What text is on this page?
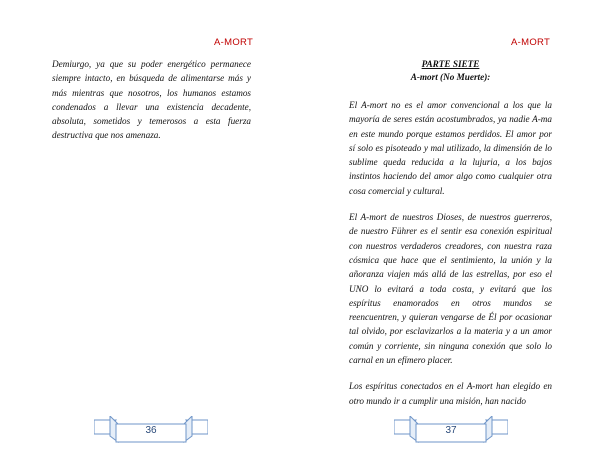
A-MORT

Demiurgo, ya que su poder energético permanece siempre intacto, en búsqueda de alimentarse más y más mientras que nosotros, los humanos estamos condenados a llevar una existencia decadente, absoluta, sometidos y temerosos a esta fuerza destructiva que nos amenaza.

36
A-MORT
PARTE SIETE
A-mort (No Muerte):

El A-mort no es el amor convencional a los que la mayoría de seres están acostumbrados, ya nadie A-ma en este mundo porque estamos perdidos. El amor por sí solo es pisoteado y mal utilizado, la dimensión de lo sublime queda reducida a la lujuria, a los bajos instintos haciendo del amor algo como cualquier otra cosa comercial y cultural.

El A-mort de nuestros Dioses, de nuestros guerreros, de nuestro Führer es el sentir esa conexión espiritual con nuestros verdaderos creadores, con nuestra raza cósmica que hace que el sentimiento, la unión y la añoranza viajen más allá de las estrellas, por eso el UNO lo evitará a toda costa, y evitará que los espíritus enamorados en otros mundos se reencuentren, y quieran vengarse de Él por ocasionar tal olvido, por esclavizarlos a la materia y a un amor común y corriente, sin ninguna conexión que solo lo carnal en un efímero placer.

Los espíritus conectados en el A-mort han elegido en otro mundo ir a cumplir una misión, han nacido

37
